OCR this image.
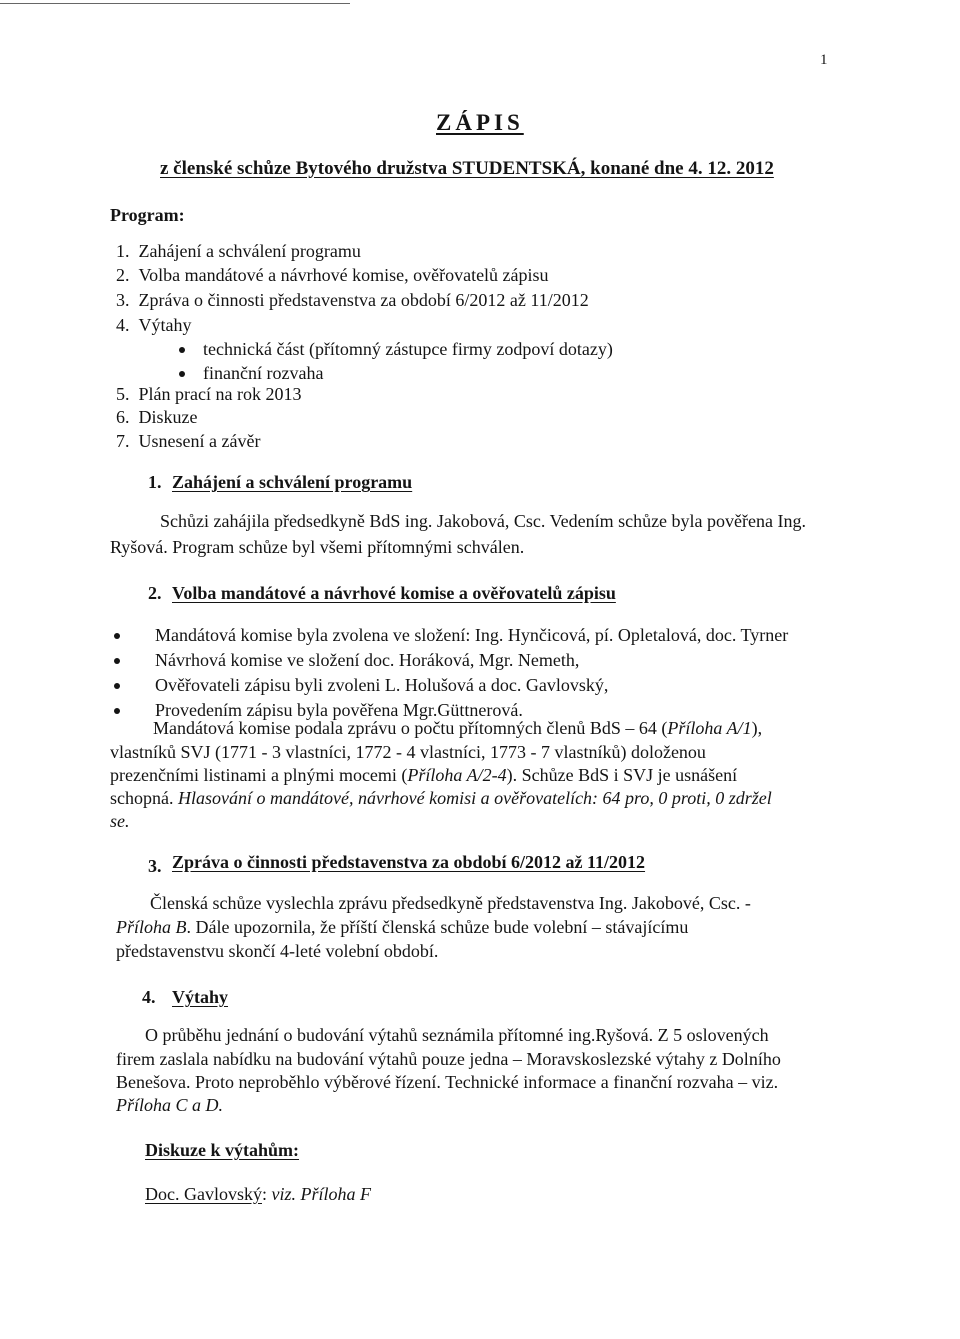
1
ZÁPIS
z členské schůze Bytového družstva STUDENTSKÁ, konané dne 4. 12. 2012
Program:
1. Zahájení a schválení programu
2. Volba mandátové a návrhové komise, ověřovatelů zápisu
3. Zpráva o činnosti představenstva za období 6/2012 až 11/2012
4. Výtahy
technická část (přítomný zástupce firmy zodpoví dotazy)
finanční rozvaha
5. Plán prací na rok 2013
6. Diskuze
7. Usnesení a závěr
1. Zahájení a schválení programu
Schůzi zahájila předsedkyně BdS ing. Jakobová, Csc. Vedením schůze byla pověřena Ing.
Ryšová. Program schůze byl všemi přítomnými schválen.
2. Volba mandátové a návrhové komise a ověřovatelů zápisu
Mandátová komise byla zvolena ve složení: Ing. Hynčicová, pí. Opletalová, doc. Tyrner
Návrhová komise ve složení doc. Horáková, Mgr. Nemeth,
Ověřovateli zápisu byli zvoleni L. Holušová a doc. Gavlovský,
Provedením zápisu byla pověřena Mgr.Güttnerová.
Mandátová komise podala zprávu o počtu přítomných členů BdS – 64 (Příloha A/1),
vlastníků SVJ (1771 - 3 vlastníci, 1772 - 4 vlastníci, 1773 - 7 vlastníků) doloženou
prezenčními listinami a plnými mocemi (Příloha A/2-4). Schůze BdS i SVJ je usnášení
schopná. Hlasování o mandátové, návrhové komisi a ověřovatelích: 64 pro, 0 proti, 0 zdržel
se.
3. Zpráva o činnosti představenstva za období 6/2012 až 11/2012
Členská schůze vyslechla zprávu předsedkyně představenstva Ing. Jakobové, Csc. -
Příloha B. Dále upozornila, že příští členská schůze bude volební – stávajícímu
představenstvu skončí 4-leté volební období.
4. Výtahy
O průběhu jednání o budování výtahů seznámila přítomné ing.Ryšová. Z 5 oslovených
firem zaslala nabídku na budování výtahů pouze jedna – Moravskoslezské výtahy z Dolního
Benešova. Proto neproběhlo výběrové řízení. Technické informace a finanční rozvaha – viz.
Příloha C a D.
Diskuze k výtahům:
Doc. Gavlovský: viz. Příloha F
